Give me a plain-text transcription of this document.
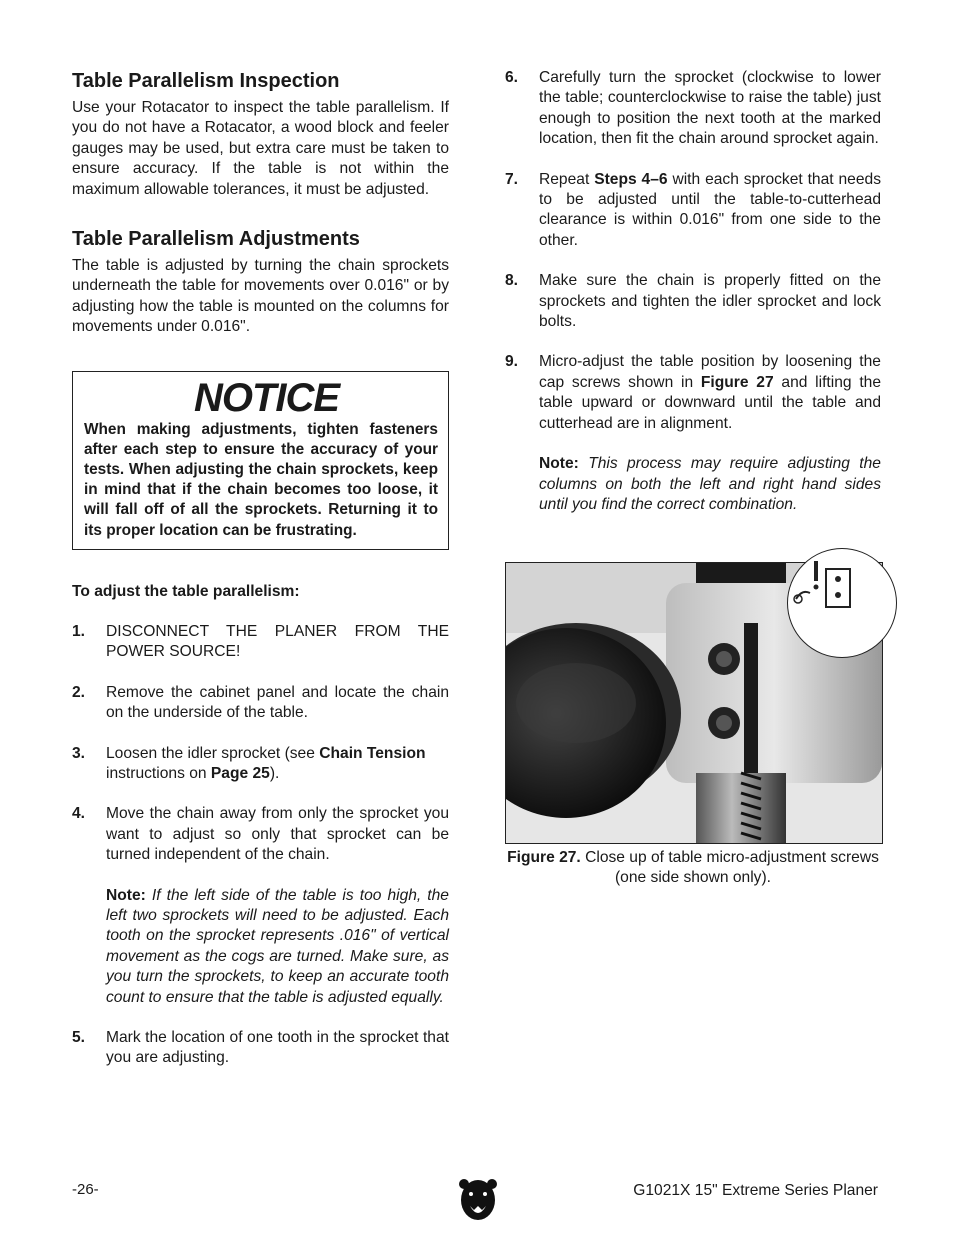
Table Parallelism Inspection

Use your Rotacator to inspect the table parallelism. If you do not have a Rotacator, a wood block and feeler gauges may be used, but extra care must be taken to ensure accuracy. If the table is not within the maximum allowable tolerances, it must be adjusted.

Table Parallelism Adjustments

The table is adjusted by turning the chain sprockets underneath the table for movements over 0.016" or by adjusting how the table is mounted on the columns for movements under 0.016".

NOTICE
When making adjustments, tighten fasteners after each step to ensure the accuracy of your tests. When adjusting the chain sprockets, keep in mind that if the chain becomes too loose, it will fall off of all the sprockets. Returning it to its proper location can be frustrating.
To adjust the table parallelism:
1. DISCONNECT THE PLANER FROM THE POWER SOURCE!

2. Remove the cabinet panel and locate the chain on the underside of the table.

3. Loosen the idler sprocket (see Chain Tension instructions on Page 25).

4. Move the chain away from only the sprocket you want to adjust so only that sprocket can be turned independent of the chain.

Note: If the left side of the table is too high, the left two sprockets will need to be adjusted. Each tooth on the sprocket represents .016" of vertical movement as the cogs are turned. Make sure, as you turn the sprockets, to keep an accurate tooth count to ensure that the table is adjusted equally.

5. Mark the location of one tooth in the sprocket that you are adjusting.

6. Carefully turn the sprocket (clockwise to lower the table; counterclockwise to raise the table) just enough to position the next tooth at the marked location, then fit the chain around sprocket again.

7. Repeat Steps 4–6 with each sprocket that needs to be adjusted until the table-to-cutterhead clearance is within 0.016" from one side to the other.

8. Make sure the chain is properly fitted on the sprockets and tighten the idler sprocket and lock bolts.

9. Micro-adjust the table position by loosening the cap screws shown in Figure 27 and lifting the table upward or downward until the table and cutterhead are in alignment.

Note: This process may require adjusting the columns on both the left and right hand sides until you find the correct combination.

Figure 27. Close up of table micro-adjustment screws (one side shown only).
-26-	G1021X 15" Extreme Series Planer
